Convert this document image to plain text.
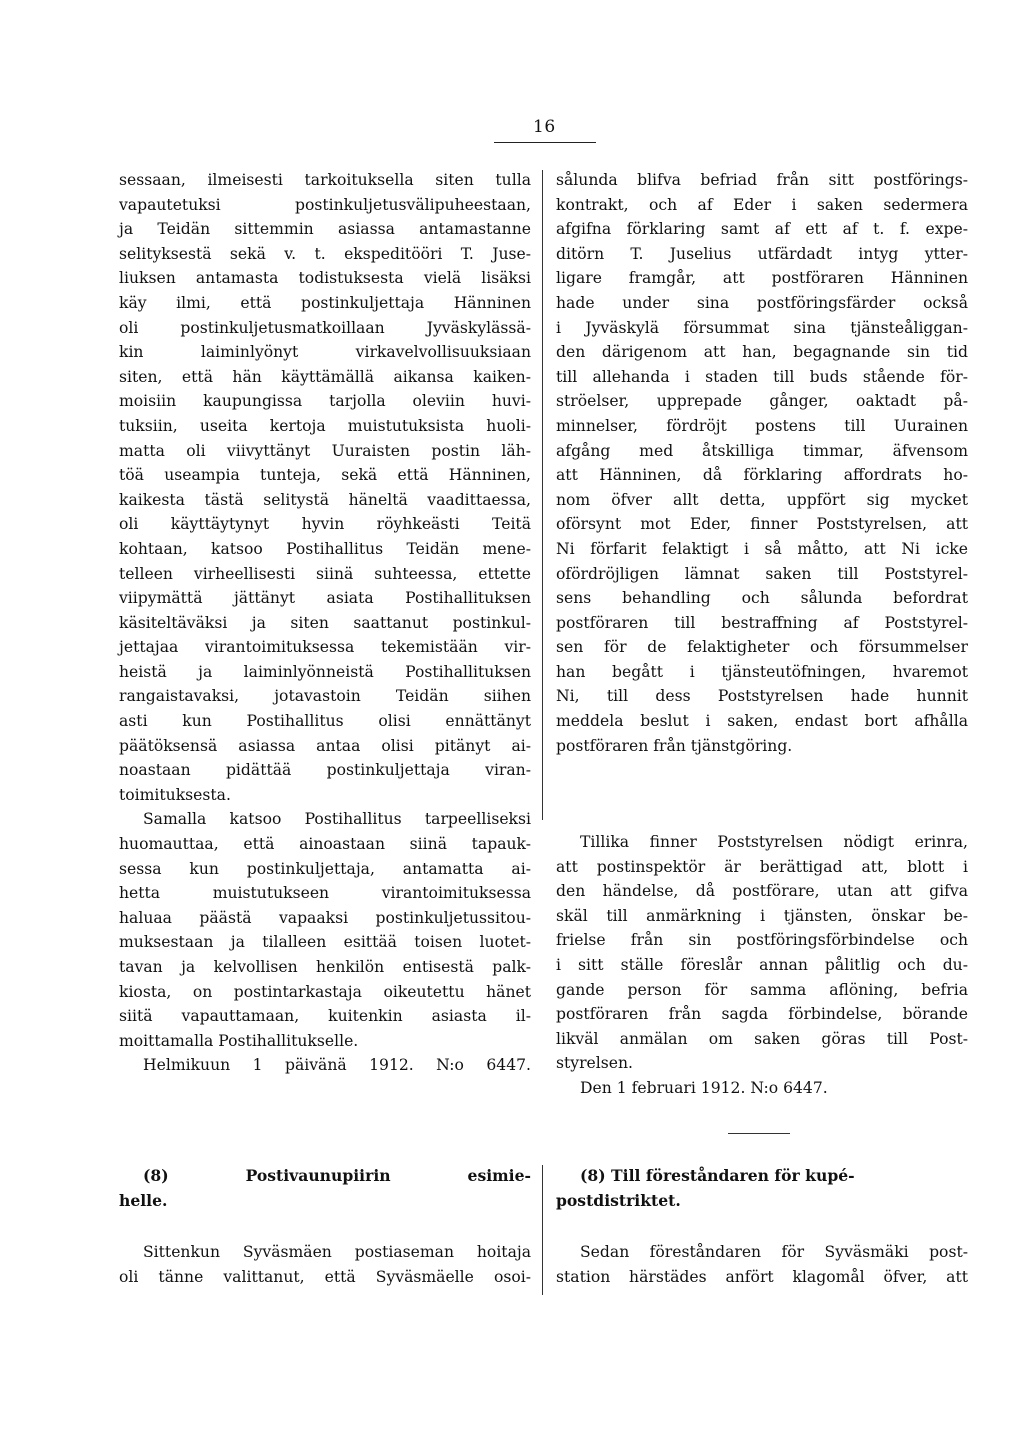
16
sessaan, ilmeisesti tarkoituksella siten tulla
vapautetuksi postinkuljetusvälipuheestaan,
ja Teidän sittemmin asiassa antamastanne
selityksestä sekä v. t. ekspeditööri T. Juse-
liuksen antamasta todistuksesta vielä lisäksi
käy ilmi, että postinkuljettaja Hänninen
oli postinkuljetusmatkoillaan Jyväskylässä-
kin laiminlyönyt virkavelvollisuuksiaan
siten, että hän käyttämällä aikansa kaiken-
moisiin kaupungissa tarjolla oleviin huvi-
tuksiin, useita kertoja muistutuksista huoli-
matta oli viivyttänyt Uuraisten postin läh-
töä useampia tunteja, sekä että Hänninen,
kaikesta tästä selitystä häneltä vaadittaessa,
oli käyttäytynyt hyvin röyhkeästi Teitä
kohtaan, katsoo Postihallitus Teidän mene-
telleen virheellisesti siinä suhteessa, ettette
viipymättä jättänyt asiata Postihallituksen
käsiteltäväksi ja siten saattanut postinkul-
jettajaa virantoimituksessa tekemistään vir-
heistä ja laiminlyönneistä Postihallituksen
rangaistavaksi, jotavastoin Teidän siihen
asti kun Postihallitus olisi ennättänyt
päätöksensä asiassa antaa olisi pitänyt ai-
noastaan pidättää postinkuljettaja viran-
toimituksesta.
Samalla katsoo Postihallitus tarpeelliseksi
huomauttaa, että ainoastaan siinä tapauk-
sessa kun postinkuljettaja, antamatta ai-
hetta muistutukseen virantoimituksessa
haluaa päästä vapaaksi postinkuljetussitou-
muksestaan ja tilalleen esittää toisen luotet-
tavan ja kelvollisen henkilön entisestä palk-
kiosta, on postintarkastaja oikeutettu hänet
siitä vapauttamaan, kuitenkin asiasta il-
moittamalla Postihallitukselle.
Helmikuun 1 päivänä 1912. N:o 6447.
sålunda blifva befriad från sitt postförings-
kontrakt, och af Eder i saken sedermera
afgifna förklaring samt af ett af t. f. expe-
ditörn T. Juselius utfärdadt intyg ytter-
ligare framgår, att postföraren Hänninen
hade under sina postföringsfärder också
i Jyväskylä försummat sina tjänsteåliggan-
den därigenom att han, begagnande sin tid
till allehanda i staden till buds stående för-
ströelser, upprepade gånger, oaktadt på-
minnelser, fördröjt postens till Uurainen
afgång med åtskilliga timmar, äfvensom
att Hänninen, då förklaring affordrats ho-
nom öfver allt detta, uppfört sig mycket
oförsynt mot Eder, finner Poststyrelsen, att
Ni förfarit felaktigt i så måtto, att Ni icke
ofördröjligen lämnat saken till Poststyrel-
sens behandling och sålunda befordrat
postföraren till bestraffning af Poststyrel-
sen för de felaktigheter och försummelser
han begått i tjänsteutöfningen, hvaremot
Ni, till dess Poststyrelsen hade hunnit
meddela beslut i saken, endast bort afhålla
postföraren från tjänstgöring.
Tillika finner Poststyrelsen nödigt erinra,
att postinspektör är berättigad att, blott i
den händelse, då postförare, utan att gifva
skäl till anmärkning i tjänsten, önskar be-
frielse från sin postföringsförbindelse och
i sitt ställe föreslår annan pålitlig och du-
gande person för samma aflöning, befria
postföraren från sagda förbindelse, börande
likväl anmälan om saken göras till Post-
styrelsen.
Den 1 februari 1912. N:o 6447.
(8) Postivaunupiirin esimie-
helle.
(8) Till föreståndaren för kupé-
postdistriktet.
Sittenkun Syväsmäen postiaseman hoitaja
oli tänne valittanut, että Syväsmäelle osoi-
Sedan föreståndaren för Syväsmäki post-
station härstädes anfört klagomål öfver, att
